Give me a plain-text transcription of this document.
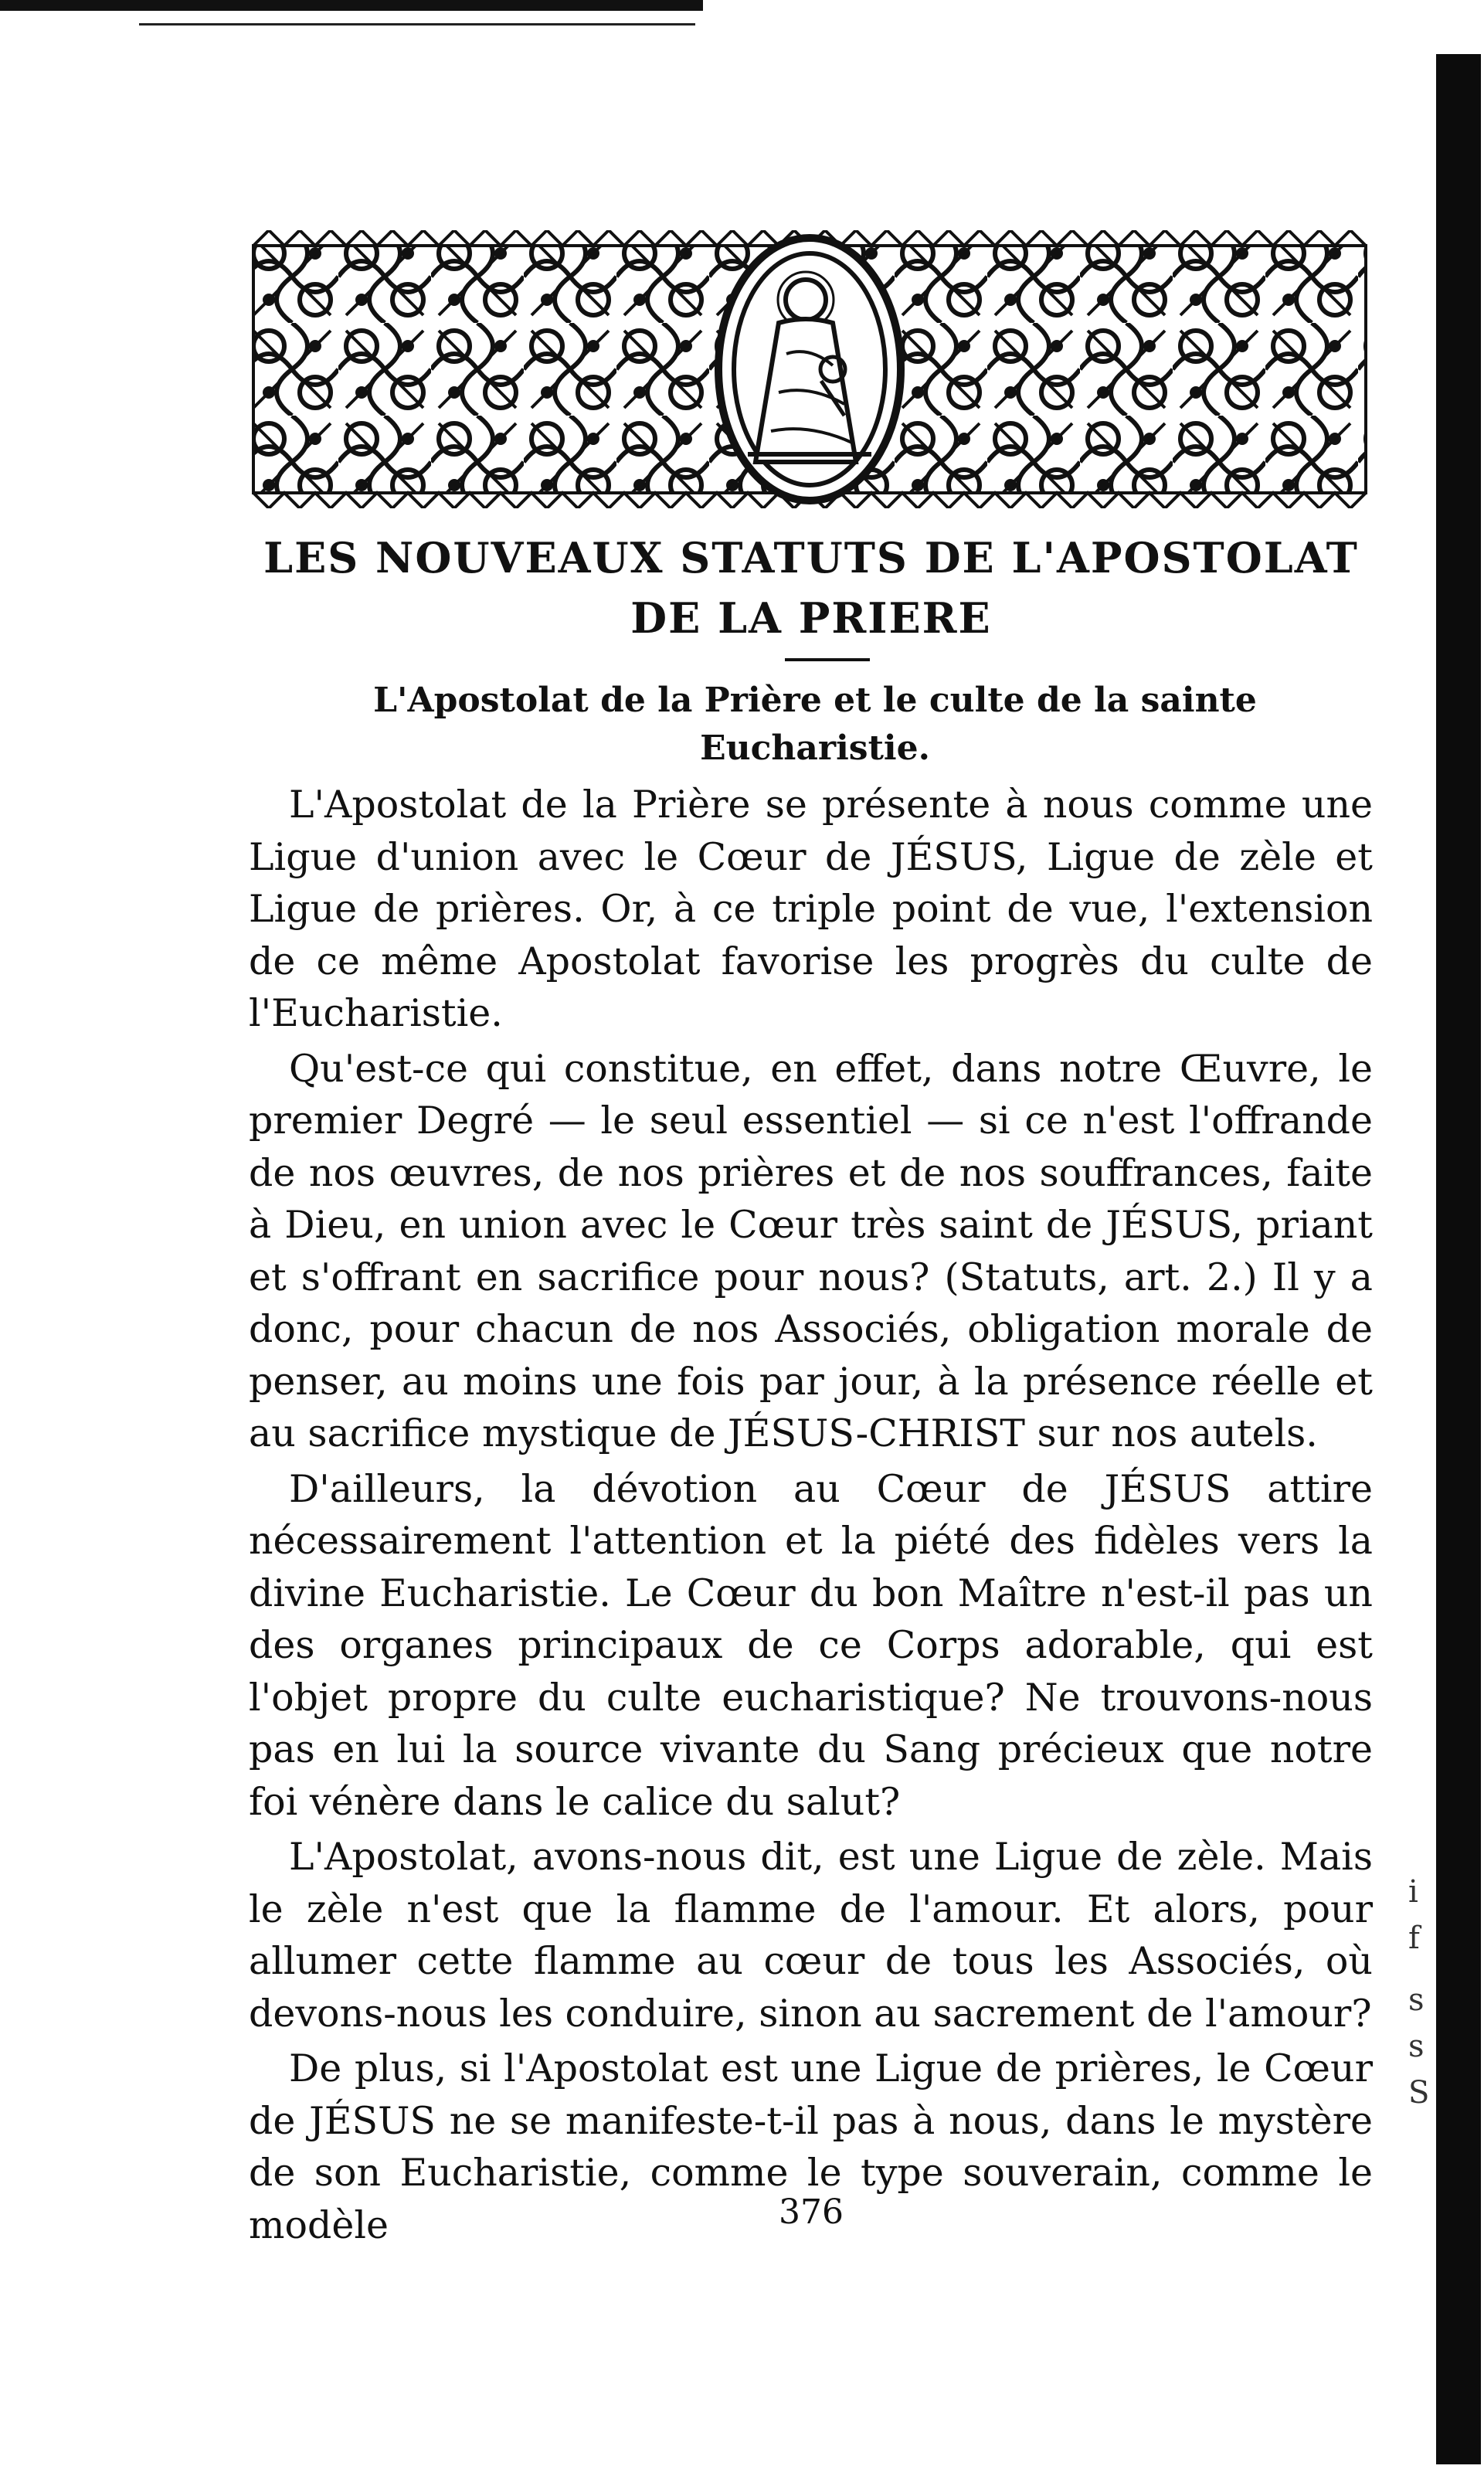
i
f
s
s
S
LES NOUVEAUX STATUTS DE L'APOSTOLAT
DE LA PRIERE
L'Apostolat de la Prière et le culte de la sainte Eucharistie.

L'Apostolat de la Prière se présente à nous comme une Ligue d'union avec le Cœur de JÉSUS, Ligue de zèle et Ligue de prières. Or, à ce triple point de vue, l'extension de ce même Apostolat favorise les progrès du culte de l'Eucharistie.

Qu'est-ce qui constitue, en effet, dans notre Œuvre, le premier Degré — le seul essentiel — si ce n'est l'offrande de nos œuvres, de nos prières et de nos souffrances, faite à Dieu, en union avec le Cœur très saint de JÉSUS, priant et s'offrant en sacrifice pour nous? (Statuts, art. 2.) Il y a donc, pour chacun de nos Associés, obligation morale de penser, au moins une fois par jour, à la présence réelle et au sacrifice mystique de JÉSUS-CHRIST sur nos autels.

D'ailleurs, la dévotion au Cœur de JÉSUS attire nécessairement l'attention et la piété des fidèles vers la divine Eucharistie. Le Cœur du bon Maître n'est-il pas un des organes principaux de ce Corps adorable, qui est l'objet propre du culte eucharistique? Ne trouvons-nous pas en lui la source vivante du Sang précieux que notre foi vénère dans le calice du salut?

L'Apostolat, avons-nous dit, est une Ligue de zèle. Mais le zèle n'est que la flamme de l'amour. Et alors, pour allumer cette flamme au cœur de tous les Associés, où devons-nous les conduire, sinon au sacrement de l'amour?

De plus, si l'Apostolat est une Ligue de prières, le Cœur de JÉSUS ne se manifeste-t-il pas à nous, dans le mystère de son Eucharistie, comme le type souverain, comme le modèle	376
